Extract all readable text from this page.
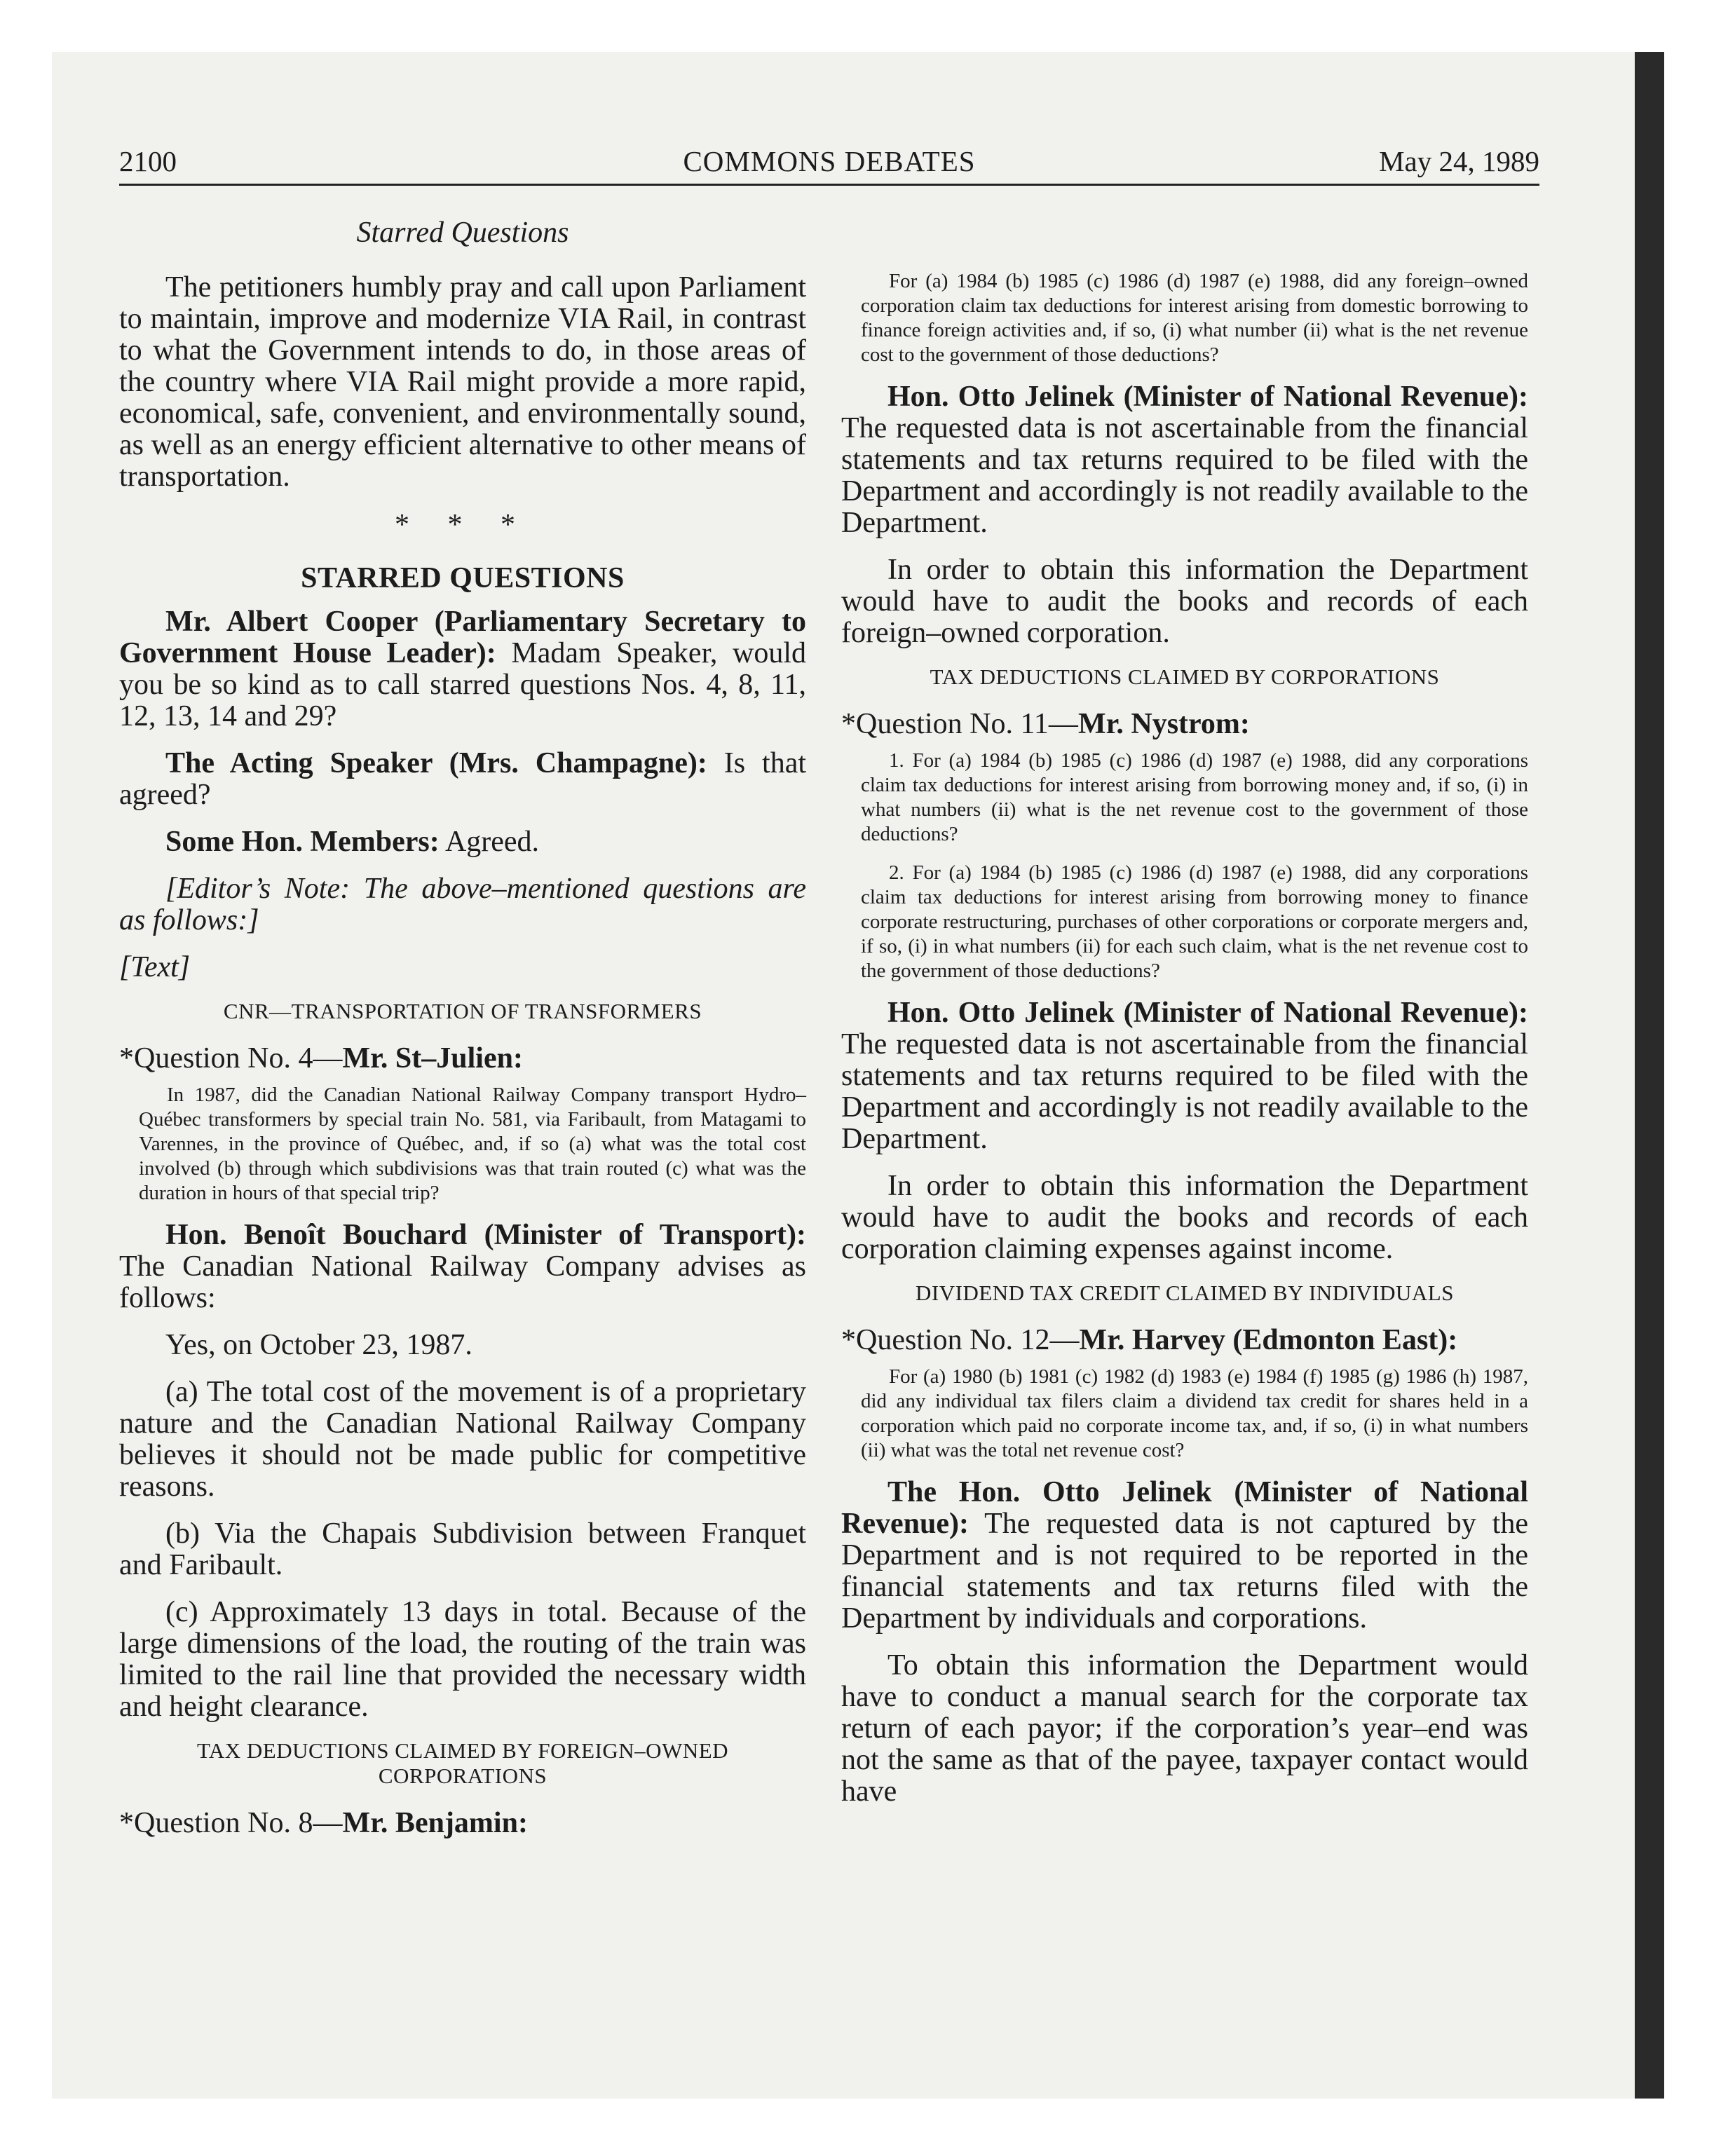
2100	COMMONS DEBATES	May 24, 1989
Starred Questions

The petitioners humbly pray and call upon Parliament to maintain, improve and modernize VIA Rail, in contrast to what the Government intends to do, in those areas of the country where VIA Rail might provide a more rapid, economical, safe, convenient, and environmentally sound, as well as an energy efficient alternative to other means of transportation.

* * *
STARRED QUESTIONS

Mr. Albert Cooper (Parliamentary Secretary to Government House Leader): Madam Speaker, would you be so kind as to call starred questions Nos. 4, 8, 11, 12, 13, 14 and 29?

The Acting Speaker (Mrs. Champagne): Is that agreed?

Some Hon. Members: Agreed.

[Editor’s Note: The above–mentioned questions are as follows:]

[Text]

CNR—TRANSPORTATION OF TRANSFORMERS

*Question No. 4—Mr. St–Julien:

In 1987, did the Canadian National Railway Company transport Hydro–Québec transformers by special train No. 581, via Faribault, from Matagami to Varennes, in the province of Québec, and, if so (a) what was the total cost involved (b) through which subdivisions was that train routed (c) what was the duration in hours of that special trip?

Hon. Benoît Bouchard (Minister of Transport): The Canadian National Railway Company advises as follows:

Yes, on October 23, 1987.

(a) The total cost of the movement is of a proprietary nature and the Canadian National Railway Company believes it should not be made public for competitive reasons.

(b) Via the Chapais Subdivision between Franquet and Faribault.

(c) Approximately 13 days in total. Because of the large dimensions of the load, the routing of the train was limited to the rail line that provided the necessary width and height clearance.

TAX DEDUCTIONS CLAIMED BY FOREIGN–OWNED CORPORATIONS

*Question No. 8—Mr. Benjamin:

For (a) 1984 (b) 1985 (c) 1986 (d) 1987 (e) 1988, did any foreign–owned corporation claim tax deductions for interest arising from domestic borrowing to finance foreign activities and, if so, (i) what number (ii) what is the net revenue cost to the government of those deductions?

Hon. Otto Jelinek (Minister of National Revenue): The requested data is not ascertainable from the financial statements and tax returns required to be filed with the Department and accordingly is not readily available to the Department.

In order to obtain this information the Department would have to audit the books and records of each foreign–owned corporation.

TAX DEDUCTIONS CLAIMED BY CORPORATIONS

*Question No. 11—Mr. Nystrom:

1. For (a) 1984 (b) 1985 (c) 1986 (d) 1987 (e) 1988, did any corporations claim tax deductions for interest arising from borrowing money and, if so, (i) in what numbers (ii) what is the net revenue cost to the government of those deductions?

2. For (a) 1984 (b) 1985 (c) 1986 (d) 1987 (e) 1988, did any corporations claim tax deductions for interest arising from borrowing money to finance corporate restructuring, purchases of other corporations or corporate mergers and, if so, (i) in what numbers (ii) for each such claim, what is the net revenue cost to the government of those deductions?

Hon. Otto Jelinek (Minister of National Revenue): The requested data is not ascertainable from the financial statements and tax returns required to be filed with the Department and accordingly is not readily available to the Department.

In order to obtain this information the Department would have to audit the books and records of each corporation claiming expenses against income.

DIVIDEND TAX CREDIT CLAIMED BY INDIVIDUALS

*Question No. 12—Mr. Harvey (Edmonton East):

For (a) 1980 (b) 1981 (c) 1982 (d) 1983 (e) 1984 (f) 1985 (g) 1986 (h) 1987, did any individual tax filers claim a dividend tax credit for shares held in a corporation which paid no corporate income tax, and, if so, (i) in what numbers (ii) what was the total net revenue cost?

The Hon. Otto Jelinek (Minister of National Revenue): The requested data is not captured by the Department and is not required to be reported in the financial statements and tax returns filed with the Department by individuals and corporations.

To obtain this information the Department would have to conduct a manual search for the corporate tax return of each payor; if the corporation’s year–end was not the same as that of the payee, taxpayer contact would have
